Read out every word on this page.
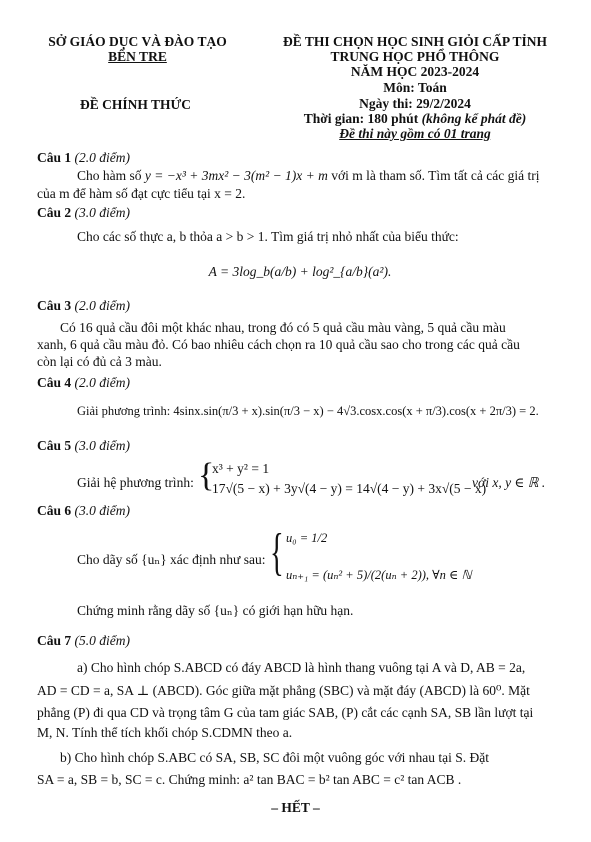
SỞ GIÁO DỤC VÀ ĐÀO TẠO
BẾN TRE
ĐỀ CHÍNH THỨC
ĐỀ THI CHỌN HỌC SINH GIỎI CẤP TỈNH
TRUNG HỌC PHỔ THÔNG
NĂM HỌC 2023-2024
Môn: Toán
Ngày thi: 29/2/2024
Thời gian: 180 phút (không kể phát đề)
Đề thi này gồm có 01 trang
Câu 1 (2.0 điểm)
Cho hàm số y = −x³ + 3mx² − 3(m² − 1)x + m với m là tham số. Tìm tất cả các giá trị
của m để hàm số đạt cực tiểu tại x = 2.
Câu 2 (3.0 điểm)
Cho các số thực a, b thỏa a > b > 1. Tìm giá trị nhỏ nhất của biểu thức:
A = 3log_b(a/b) + log²_{a/b}(a²).
Câu 3 (2.0 điểm)
Có 16 quả cầu đôi một khác nhau, trong đó có 5 quả cầu màu vàng, 5 quả cầu màu
xanh, 6 quả cầu màu đỏ. Có bao nhiêu cách chọn ra 10 quả cầu sao cho trong các quả cầu
còn lại có đủ cả 3 màu.
Câu 4 (2.0 điểm)
Giải phương trình: 4sinx.sin(π/3 + x).sin(π/3 − x) − 4√3.cosx.cos(x + π/3).cos(x + 2π/3) = 2.
Câu 5 (3.0 điểm)
Giải hệ phương trình: {
x³ + y² = 1
17√(5 − x) + 3y√(4 − y) = 14√(4 − y) + 3x√(5 − x)
với x, y ∈ ℝ .
Câu 6 (3.0 điểm)
Cho dãy số {uₙ} xác định như sau: { u₀ = 1/2
uₙ₊₁ = (uₙ² + 5)/(2(uₙ + 2)), ∀n ∈ ℕ
Chứng minh rằng dãy số {uₙ} có giới hạn hữu hạn.
Câu 7 (5.0 điểm)
a) Cho hình chóp S.ABCD có đáy ABCD là hình thang vuông tại A và D, AB = 2a,
AD = CD = a, SA ⊥ (ABCD). Góc giữa mặt phẳng (SBC) và mặt đáy (ABCD) là 60⁰. Mặt
phẳng (P) đi qua CD và trọng tâm G của tam giác SAB, (P) cắt các cạnh SA, SB lần lượt tại
M, N. Tính thể tích khối chóp S.CDMN theo a.
b) Cho hình chóp S.ABC có SA, SB, SC đôi một vuông góc với nhau tại S. Đặt
SA = a, SB = b, SC = c. Chứng minh: a² tan BAC = b² tan ABC = c² tan ACB .
– HẾT –
